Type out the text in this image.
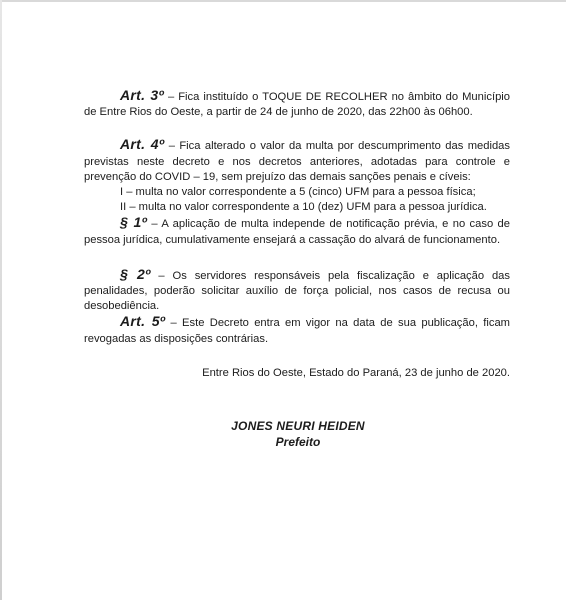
Art. 3º – Fica instituído o TOQUE DE RECOLHER no âmbito do Município de Entre Rios do Oeste, a partir de 24 de junho de 2020, das 22h00 às 06h00.

Art. 4º – Fica alterado o valor da multa por descumprimento das medidas previstas neste decreto e nos decretos anteriores, adotadas para controle e prevenção do COVID – 19, sem prejuízo das demais sanções penais e cíveis:

I – multa no valor correspondente a 5 (cinco) UFM para a pessoa física;

II – multa no valor correspondente a 10 (dez) UFM para a pessoa jurídica.

§ 1º – A aplicação de multa independe de notificação prévia, e no caso de pessoa jurídica, cumulativamente ensejará a cassação do alvará de funcionamento.

§ 2º – Os servidores responsáveis pela fiscalização e aplicação das penalidades, poderão solicitar auxílio de força policial, nos casos de recusa ou desobediência.

Art. 5º – Este Decreto entra em vigor na data de sua publicação, ficam revogadas as disposições contrárias.

Entre Rios do Oeste, Estado do Paraná, 23 de junho de 2020.

JONES NEURI HEIDEN
Prefeito
